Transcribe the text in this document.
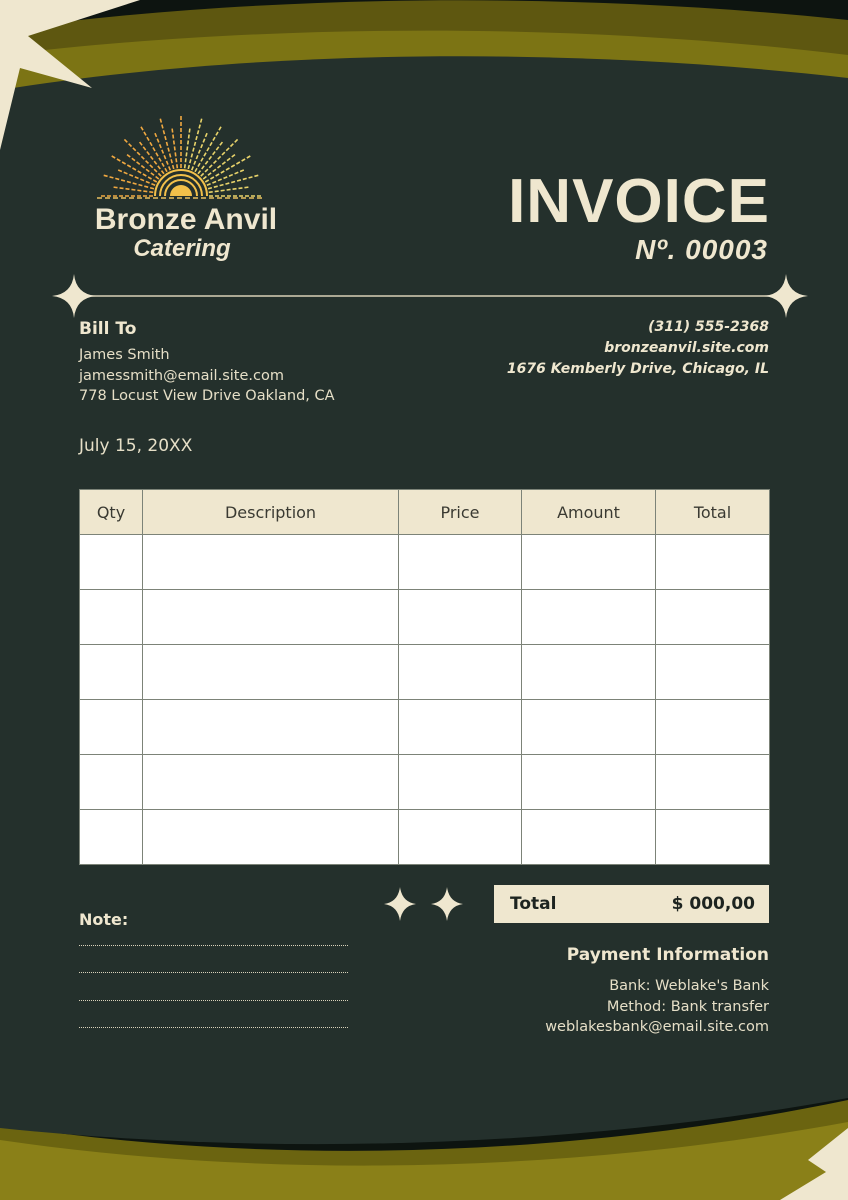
Bronze Anvil
Catering
INVOICE
Nº. 00003
Bill To
James Smith
jamessmith@email.site.com
778 Locust View Drive Oakland, CA
(311) 555-2368
bronzeanvil.site.com
1676 Kemberly Drive, Chicago, IL
July 15, 20XX
Qty	Description	Price	Amount	Total

Note:
Total	$ 000,00
Payment Information
Bank: Weblake's Bank
Method: Bank transfer
weblakesbank@email.site.com
